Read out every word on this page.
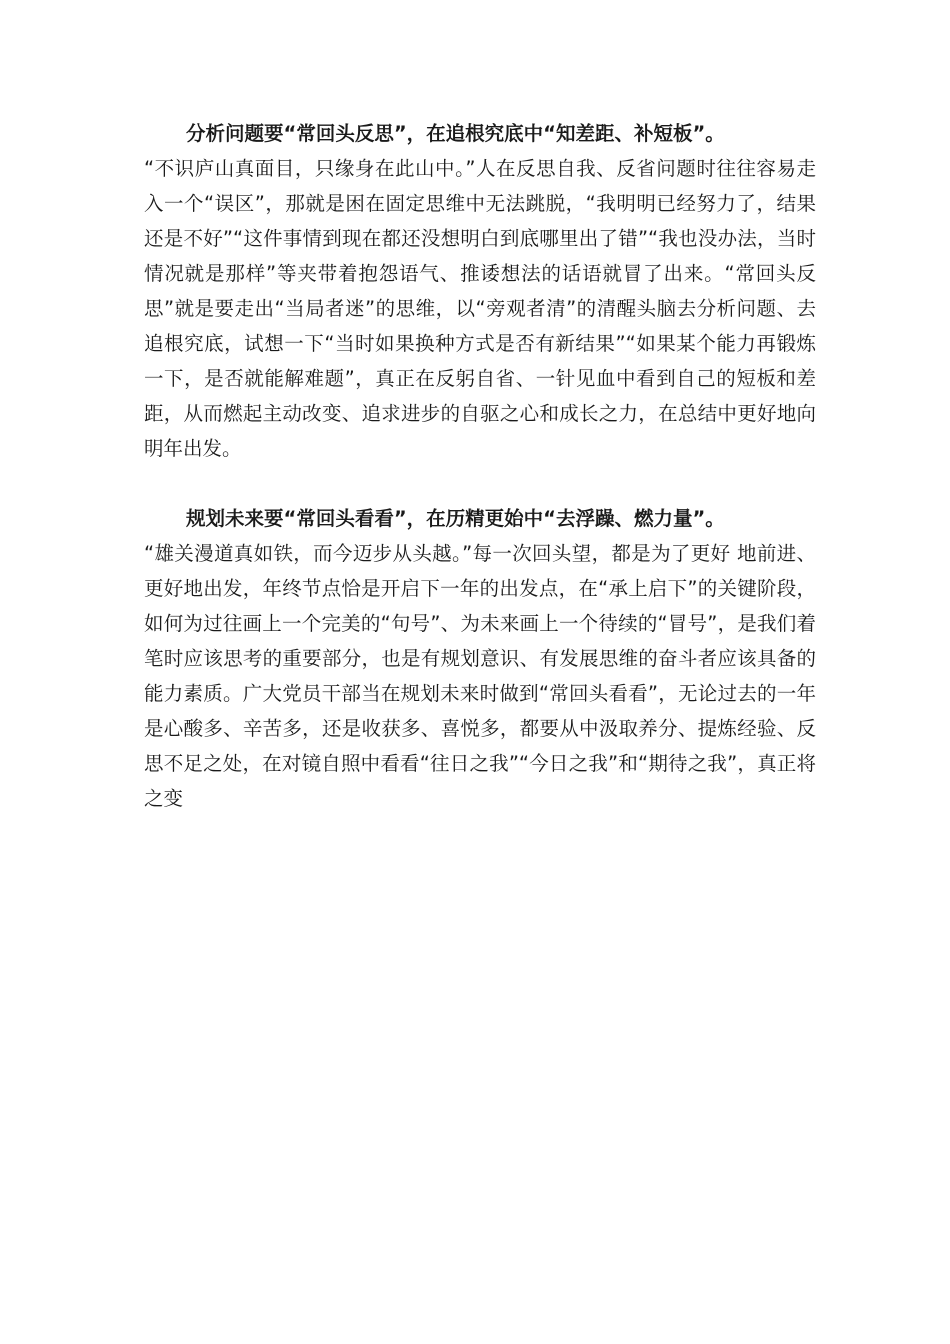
分析问题要“常回头反思”，在追根究底中“知差距、补短板”。
“不识庐山真面目，只缘身在此山中。”人在反思自我、反省问题时往往容易走入一个“误区”，那就是困在固定思维中无法跳脱，“我明明已经努力了，结果还是不好”“这件事情到现在都还没想明白到底哪里出了错”“我也没办法，当时情况就是那样”等夹带着抱怨语气、推诿想法的话语就冒了出来。“常回头反思”就是要走出“当局者迷”的思维，以“旁观者清”的清醒头脑去分析问题、去追根究底，试想一下“当时如果换种方式是否有新结果”“如果某个能力再锻炼一下，是否就能解难题”，真正在反躬自省、一针见血中看到自己的短板和差距，从而燃起主动改变、追求进步的自驱之心和成长之力，在总结中更好地向明年出发。

规划未来要“常回头看看”，在历精更始中“去浮躁、燃力量”。
“雄关漫道真如铁，而今迈步从头越。”每一次回头望，都是为了更好 地前进、更好地出发，年终节点恰是开启下一年的出发点，在“承上启下”的关键阶段，如何为过往画上一个完美的“句号”、为未来画上一个待续的“冒号”，是我们着笔时应该思考的重要部分，也是有规划意识、有发展思维的奋斗者应该具备的能力素质。广大党员干部当在规划未来时做到“常回头看看”，无论过去的一年是心酸多、辛苦多，还是收获多、喜悦多，都要从中汲取养分、提炼经验、反思不足之处，在对镜自照中看看“往日之我”“今日之我”和“期待之我”，真正将之变
